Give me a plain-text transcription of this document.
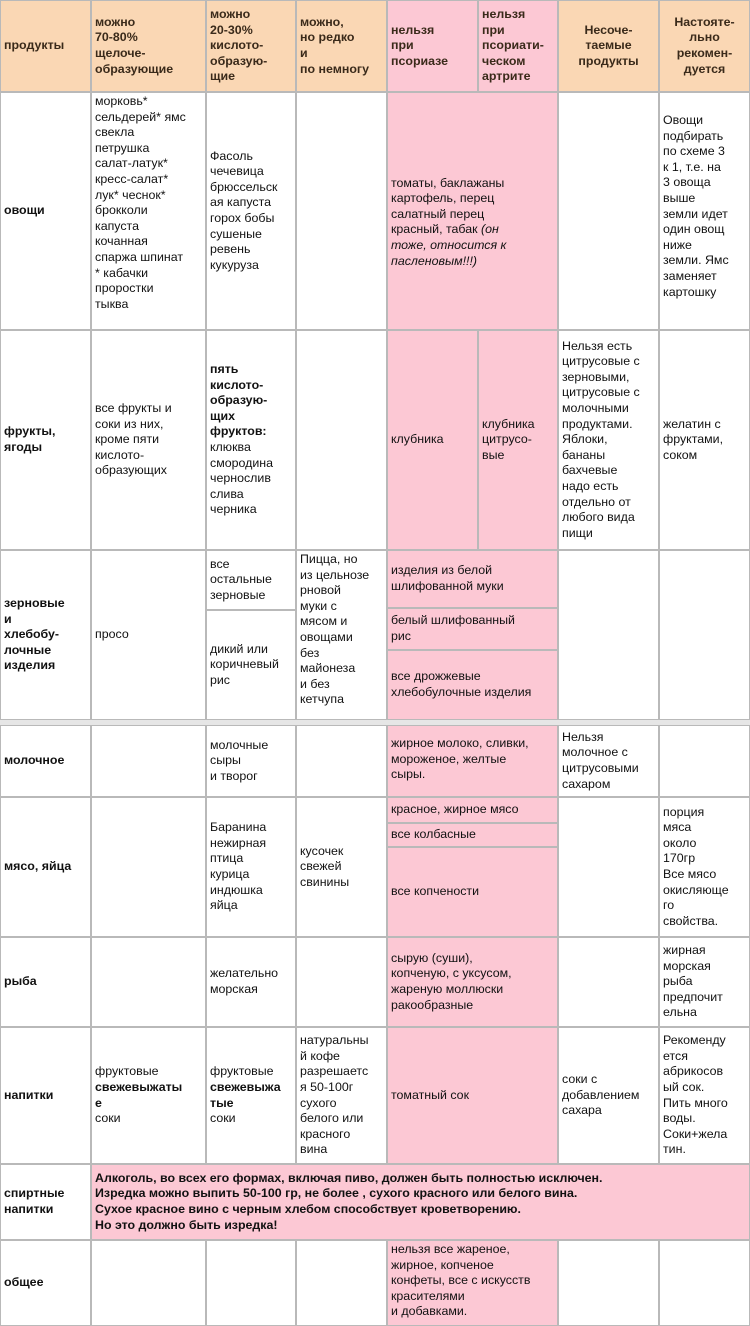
продукты
можно
70-80%
щелоче-
образующие
можно
20-30%
кислото-
образую-
щие
можно,
но редко
и
по немногу
нельзя
при
псориазе
нельзя
при
псориати-
ческом
артрите
Несоче-
таемые
продукты
Настояте-
льно
рекомен-
дуется
овощи
морковь*
сельдерей* ямс
свекла
петрушка
салат-латук*
кресс-салат*
лук* чеснок*
брокколи
капуста
кочанная
спаржа шпинат
* кабачки
проростки
тыква
Фасоль
чечевица
брюссельск
ая капуста
горох бобы
сушеные
ревень
кукуруза

томаты, баклажаны
картофель, перец
салатный перец
красный, табак (он
тоже, относится к
пасленовым!!!)

Овощи
подбирать
по схеме 3
к 1, т.е. на
3 овоща
выше
земли идет
один овощ
ниже
земли. Ямс
заменяет
картошку
фрукты,
ягоды
все фрукты и
соки из них,
кроме пяти
кислото-
образующих
пять
кислото-
образую-
щих
фруктов:
клюква
смородина
чернослив
слива
черника
клубника
клубника
цитрусо-
вые
Нельзя есть
цитрусовые с
зерновыми,
цитрусовые с
молочными
продуктами.
Яблоки,
бананы
бахчевые
надо есть
отдельно от
любого вида
пищи
желатин с
фруктами,
соком
зерновые
и
хлебобу-
лочные
изделия
просо
все
остальные
зерновые
дикий или
коричневый
рис
Пицца, но
из цельнозе
рновой
муки с
мясом и
овощами
без
майонеза
и без
кетчупа
изделия из белой
шлифованной муки
белый шлифованный
рис
все дрожжевые
хлебобулочные изделия
молочное
молочные
сыры
и творог
жирное молоко, сливки,
мороженое, желтые
сыры.
Нельзя
молочное с
цитрусовыми
сахаром
мясо, яйца
Баранина
нежирная
птица
курица
индюшка
яйца
кусочек
свежей
свинины
красное, жирное мясо
все колбасные
все копчености
порция
мяса
около
170гр
Все мясо
окисляюще
го
свойства.
рыба
желательно
морская
сырую (суши),
копченую, с уксусом,
жареную моллюски
ракообразные
жирная
морская
рыба
предпочит
ельна
напитки
фруктовые
свежевыжаты
е
соки
фруктовые
свежевыжа
тые
соки
натуральны
й кофе
разрешаетс
я 50-100г
сухого
белого или
красного
вина
томатный сок
соки с
добавлением
сахара
Рекоменду
ется
абрикосов
ый сок.
Пить много
воды.
Соки+жела
тин.
спиртные
напитки
Алкоголь, во всех его формах, включая пиво, должен быть полностью исключен.
Изредка можно выпить 50-100 гр, не более , сухого красного или белого вина.
Сухое красное вино с черным хлебом способствует кроветворению.
Но это должно быть изредка!
общее
нельзя все жареное,
жирное, копченое
конфеты, все с искусств
красителями
и добавками.
